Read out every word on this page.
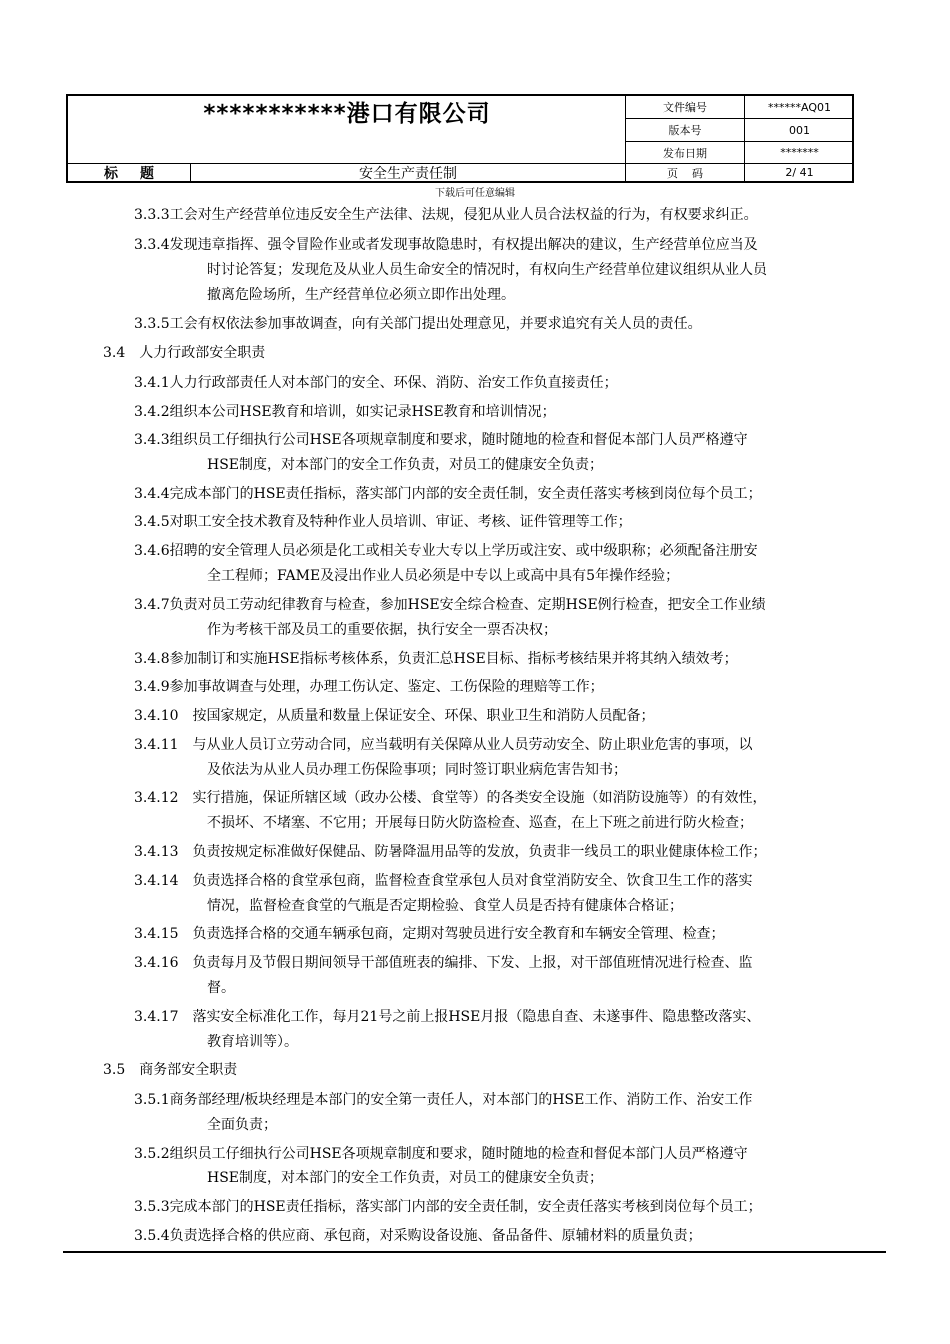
***********港口有限公司	文件编号	******AQ01
版本号	001
发布日期	*******
标题	安全生产责任制	页码	2/ 41
下载后可任意编辑
3.3.3工会对生产经营单位违反安全生产法律、法规，侵犯从业人员合法权益的行为，有权要求纠正。
3.3.4发现违章指挥、强令冒险作业或者发现事故隐患时，有权提出解决的建议，生产经营单位应当及
时讨论答复；发现危及从业人员生命安全的情况时，有权向生产经营单位建议组织从业人员
撤离危险场所，生产经营单位必须立即作出处理。
3.3.5工会有权依法参加事故调查，向有关部门提出处理意见，并要求追究有关人员的责任。
3.4　人力行政部安全职责
3.4.1人力行政部责任人对本部门的安全、环保、消防、治安工作负直接责任；
3.4.2组织本公司HSE教育和培训，如实记录HSE教育和培训情况；
3.4.3组织员工仔细执行公司HSE各项规章制度和要求，随时随地的检查和督促本部门人员严格遵守
HSE制度，对本部门的安全工作负责，对员工的健康安全负责；
3.4.4完成本部门的HSE责任指标，落实部门内部的安全责任制，安全责任落实考核到岗位每个员工；
3.4.5对职工安全技术教育及特种作业人员培训、审证、考核、证件管理等工作；
3.4.6招聘的安全管理人员必须是化工或相关专业大专以上学历或注安、或中级职称；必须配备注册安
全工程师；FAME及浸出作业人员必须是中专以上或高中具有5年操作经验；
3.4.7负责对员工劳动纪律教育与检查，参加HSE安全综合检查、定期HSE例行检查，把安全工作业绩
作为考核干部及员工的重要依据，执行安全一票否决权；
3.4.8参加制订和实施HSE指标考核体系，负责汇总HSE目标、指标考核结果并将其纳入绩效考；
3.4.9参加事故调查与处理，办理工伤认定、鉴定、工伤保险的理赔等工作；
3.4.10　按国家规定，从质量和数量上保证安全、环保、职业卫生和消防人员配备；
3.4.11　与从业人员订立劳动合同，应当载明有关保障从业人员劳动安全、防止职业危害的事项，以
及依法为从业人员办理工伤保险事项；同时签订职业病危害告知书；
3.4.12　实行措施，保证所辖区域（政办公楼、食堂等）的各类安全设施（如消防设施等）的有效性，
不损坏、不堵塞、不它用；开展每日防火防盗检查、巡查，在上下班之前进行防火检查；
3.4.13　负责按规定标准做好保健品、防暑降温用品等的发放，负责非一线员工的职业健康体检工作；
3.4.14　负责选择合格的食堂承包商，监督检查食堂承包人员对食堂消防安全、饮食卫生工作的落实
情况，监督检查食堂的气瓶是否定期检验、食堂人员是否持有健康体合格证；
3.4.15　负责选择合格的交通车辆承包商，定期对驾驶员进行安全教育和车辆安全管理、检查；
3.4.16　负责每月及节假日期间领导干部值班表的编排、下发、上报，对干部值班情况进行检查、监
督。
3.4.17　落实安全标准化工作，每月21号之前上报HSE月报（隐患自查、未遂事件、隐患整改落实、
教育培训等）。
3.5　商务部安全职责
3.5.1商务部经理/板块经理是本部门的安全第一责任人，对本部门的HSE工作、消防工作、治安工作
全面负责；
3.5.2组织员工仔细执行公司HSE各项规章制度和要求，随时随地的检查和督促本部门人员严格遵守
HSE制度，对本部门的安全工作负责，对员工的健康安全负责；
3.5.3完成本部门的HSE责任指标，落实部门内部的安全责任制，安全责任落实考核到岗位每个员工；
3.5.4负责选择合格的供应商、承包商，对采购设备设施、备品备件、原辅材料的质量负责；
